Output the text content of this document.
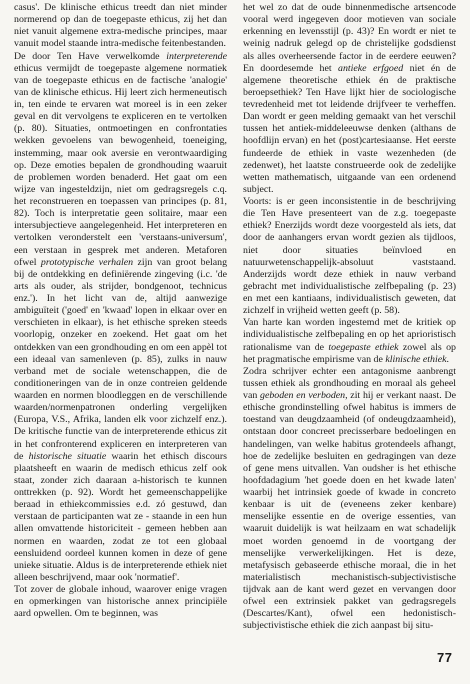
casus'. De klinische ethicus treedt dan niet minder normerend op dan de toegepaste ethicus, zij het dan niet vanuit algemene extra-medische principes, maar vanuit model staande intra-medische feitenbestanden.

De door Ten Have verwelkomde interpreterende ethicus vermijdt de toegepaste algemene normatiek van de toegepaste ethicus en de factische 'analogie' van de klinische ethicus. Hij leert zich hermeneutisch in, ten einde te ervaren wat moreel is in een zeker geval en dit vervolgens te expliceren en te vertolken (p. 80). Situaties, ontmoetingen en confrontaties wekken gevoelens van bewogenheid, toeneiging, instemming, maar ook aversie en verontwaardiging op. Deze emoties bepalen de grondhouding waaruit de problemen worden benaderd. Het gaat om een wijze van ingesteldzijn, niet om gedragsregels c.q. het reconstrueren en toepassen van principes (p. 81, 82). Toch is interpretatie geen solitaire, maar een intersubjectieve aangelegenheid. Het interpreteren en vertolken veronderstelt een 'verstaans-universum', een verstaan in gesprek met anderen. Metaforen ofwel prototypische verhalen zijn van groot belang bij de ontdekking en definiërende zingeving (i.c. 'de arts als ouder, als strijder, bondgenoot, technicus enz.'). In het licht van de, altijd aanwezige ambiguïteit ('goed' en 'kwaad' lopen in elkaar over en verschieten in elkaar), is het ethische spreken steeds voorlopig, onzeker en zoekend. Het gaat om het ontdekken van een grondhouding en om een appèl tot een ideaal van samenleven (p. 85), zulks in nauw verband met de sociale wetenschappen, die de conditioneringen van de in onze contreien geldende waarden en normen bloodleggen en de verschillende waarden/normenpatronen onderling vergelijken (Europa, V.S., Afrika, landen elk voor zichzelf enz.). De kritische functie van de interpreterende ethicus zit in het confronterend expliceren en interpreteren van de historische situatie waarin het ethisch discours plaatsheeft en waarin de medisch ethicus zelf ook staat, zonder zich daaraan a-historisch te kunnen onttrekken (p. 92). Wordt het gemeenschappelijke beraad in ethiekcommissies e.d. zó gestuwd, dan verstaan de participanten wat ze - staande in een hun allen omvattende historiciteit - gemeen hebben aan normen en waarden, zodat ze tot een globaal eensluidend oordeel kunnen komen in deze of gene unieke situatie. Aldus is de interpreterende ethiek niet alleen beschrijvend, maar ook 'normatief'.

Tot zover de globale inhoud, waarover enige vragen en opmerkingen van historische annex principiële aard opwellen. Om te beginnen, was

het wel zo dat de oude binnenmedische artsencode vooral werd ingegeven door motieven van sociale erkenning en levensstijl (p. 43)? En wordt er niet te weinig nadruk gelegd op de christelijke godsdienst als alles overheersende factor in de eerdere eeuwen? En doordesemde het antieke erfgoed niet én de algemene theoretische ethiek én de praktische beroepsethiek? Ten Have lijkt hier de sociologische tevredenheid met tot leidende drijfveer te verheffen. Dan wordt er geen melding gemaakt van het verschil tussen het antiek-middeleeuwse denken (althans de hoofdlijn ervan) en het (post)cartesiaanse. Het eerste fundeerde de ethiek in vaste wezenheden (de zedenwet), het laatste construeerde ook de zedelijke wetten mathematisch, uitgaande van een ordenend subject.

Voorts: is er geen inconsistentie in de beschrijving die Ten Have presenteert van de z.g. toegepaste ethiek? Enerzijds wordt deze voorgesteld als iets, dat door de aanhangers ervan wordt gezien als tijdloos, niet door situaties beïnvloed en natuurwetenschappelijk-absoluut vaststaand. Anderzijds wordt deze ethiek in nauw verband gebracht met individualistische zelfbepaling (p. 23) en met een kantiaans, individualistisch geweten, dat zichzelf in vrijheid wetten geeft (p. 58).

Van harte kan worden ingestemd met de kritiek op individualistische zelfbepaling en op het aprioristisch rationalisme van de toegepaste ethiek zowel als op het pragmatische empirisme van de klinische ethiek.

Zodra schrijver echter een antagonisme aanbrengt tussen ethiek als grondhouding en moraal als geheel van geboden en verboden, zit hij er verkant naast. De ethische grondinstelling ofwel habitus is immers de toestand van deugdzaamheid (of ondeugdzaamheid), ontstaan door concreet precisserbare bedoelingen en handelingen, van welke habitus grotendeels afhangt, hoe de zedelijke besluiten en gedragingen van deze of gene mens uitvallen. Van oudsher is het ethische hoofdadagium 'het goede doen en het kwade laten' waarbij het intrinsiek goede of kwade in concreto kenbaar is uit de (eveneens zeker kenbare) menselijke essentie en de overige essenties, van waaruit duidelijk is wat heilzaam en wat schadelijk moet worden genoemd in de voortgang der menselijke verwerkelijkingen. Het is deze, metafysisch gebaseerde ethische moraal, die in het materialistisch mechanistisch-subjectivistische tijdvak aan de kant werd gezet en vervangen door ofwel een extrinsiek pakket van gedragsregels (Descartes/Kant), ofwel een hedonistisch-subjectivistische ethiek die zich aanpast bij situ-

77
